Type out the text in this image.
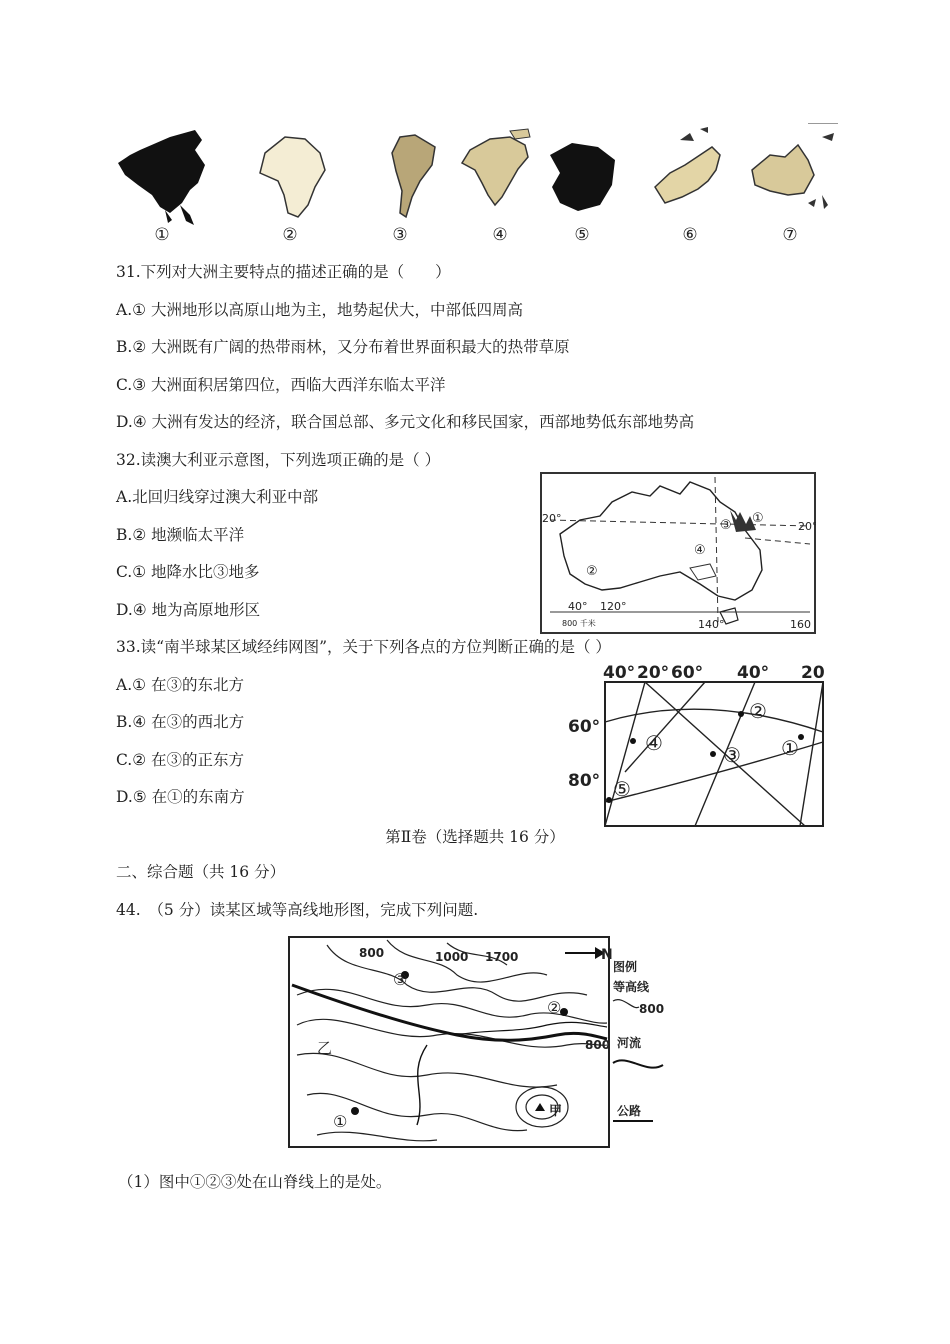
①	②	③	④	⑤	⑥	⑦
31.下列对大洲主要特点的描述正确的是（　　）
A.① 大洲地形以高原山地为主，地势起伏大，中部低四周高
B.② 大洲既有广阔的热带雨林，又分布着世界面积最大的热带草原
C.③ 大洲面积居第四位，西临大西洋东临太平洋
D.④ 大洲有发达的经济，联合国总部、多元文化和移民国家，西部地势低东部地势高
32.读澳大利亚示意图，下列选项正确的是（ ）
A.北回归线穿过澳大利亚中部
B.② 地濒临太平洋
C.① 地降水比③地多
D.④ 地为高原地形区
20°
20°
40° 120°
140°	160
800 千米
①
②
③
④
33.读“南半球某区域经纬网图”，关于下列各点的方位判断正确的是（ ）
A.① 在③的东北方
B.④ 在③的西北方
C.② 在③的正东方
D.⑤ 在①的东南方
40° 20° 60° 40° 20
60°
80°
①
②
③
④
⑤
第Ⅱ卷（选择题共 16 分）
二、综合题（共 16 分）
44.　（5 分）读某区域等高线地形图，完成下列问题.
800	1000 1700
800
N
①
②
③
乙
甲
图例
等高线
800
河流
公路
（1）图中①②③处在山脊线上的是处。
